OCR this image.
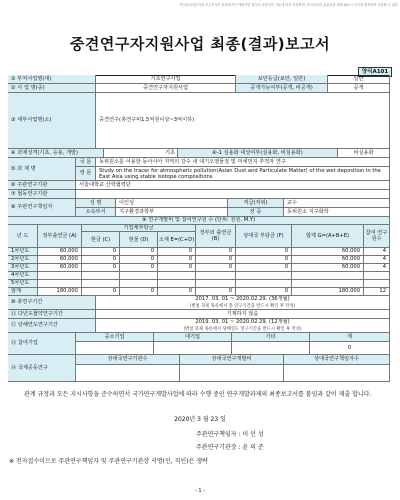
연구관리전문기관 보고서식은 표준화 연구개발사업 범부처 공통서식 기준에 따라 작성하며, 연구관리의 효율성을 위해 필요시 서식을 변경하여 사용할 수 있음
중견연구자지원사업 최종(결과)보고서
양식A101
① 부처사업명(대)	기초연구사업	보안등급(보안, 일반)	일반
② 사 업 명(중)	중견연구자지원사업	공개가능여부(공개, 비공개)	공개
③ 세부사업명(소)	중견연구(총연구비1.5억원이상~3억이하)
④ 과제성격(기초, 응용, 개발)	기초	④-1 실용화 대상여부(실용화, 비실용화)	비실용화
⑤ 과 제 명
국 문	동위원소를 이용한 동아시아 지역의 강수 내 대기오염물질 및 미세먼지 추적자 연구
영 문	Study on the tracer for atmospheric pollution(Asian Dust and Particulate Matter) of the wet deposition in the East Asia using stable isotope compositions
⑥ 주관연구기관	서울대학교 산학협력단
⑦ 협동연구기관
⑧ 주관연구책임자
성 명	이인성	직급(직위)	교수
소속부서	지구환경과학부	전 공	동위원소 지구화학
⑨ 연구개발비 및 참여연구원 수 (단위: 천원, M.Y)
년 도	정부출연금 (A)
기업체부담금
현금 (C)	현물 (D)	소계 E=(C+D)
정부외 출연금 (B)	상대국 부담금 (F)	합계 G=(A+B+E)	참여 연구원수
1차년도	60,000	0	0	0	0	0	60,000	4
2차년도	60,000	0	0	0	0	0	60,000	4
3차년도	60,000	0	0	0	0	0	60,000	4
4차년도
5차년도
합계	180,000	0	0	0	0	0	180,000	12
⑩ 총연구기간
2017. 03. 01 ~ 2020.02.29. (36개월)
(별첨 과제 목록에서 총 연구기간을 반드시 확인 후 작성)
⑪ 다년도협약연구기간	기재하지 않음
⑫ 당해연도연구기간
2019. 03. 01 ~ 2020.02.29. (12개월)
(별첨 과제 목록에서 당해연도 연구기간을 반드시 확인 후 작성)
⑬ 참여기업
중소기업	대기업	기타	계
0
⑭ 국제공동연구
상대국연구기관수	상대국연구개발비	상대국연구책임자수
관계 규정과 모든 지시사항을 준수하면서 국가연구개발사업에 따라 수행 중인 연구개발과제의 최종보고서를 붙임과 같이 제출 합니다.
2020년 3 월 23 일
주관연구책임자 : 이 인 성
주관연구기관장 : 윤 의 준
※ 전자접수이므로 주관연구책임자 및 주관연구기관장 서명(인, 직인)은 생략
- 1 -
